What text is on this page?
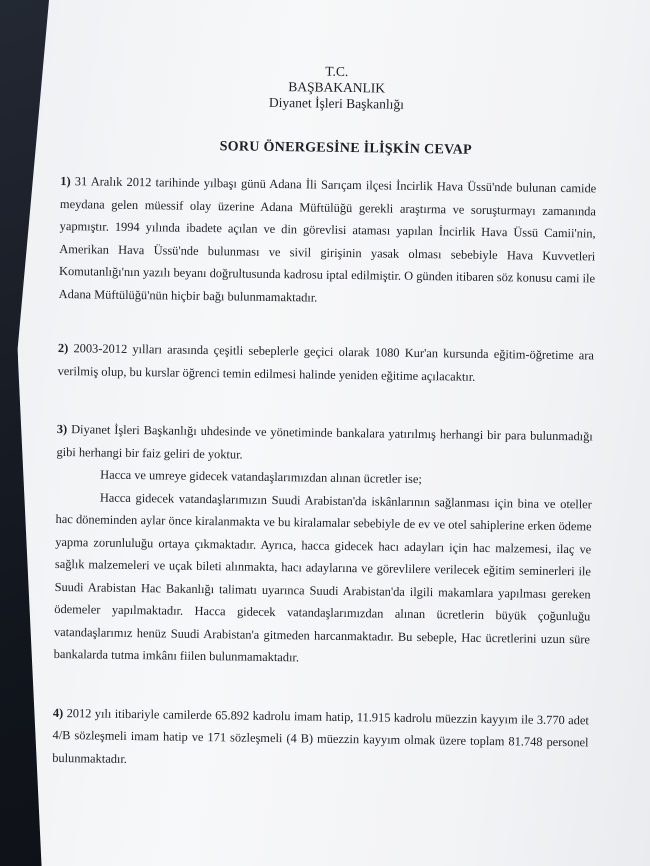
T.C.
BAŞBAKANLIK
Diyanet İşleri Başkanlığı
SORU ÖNERGESİNE İLİŞKİN CEVAP

1) 31 Aralık 2012 tarihinde yılbaşı günü Adana İli Sarıçam ilçesi İncirlik Hava Üssü'nde bulunan camide meydana gelen müessif olay üzerine Adana Müftülüğü gerekli araştırma ve soruşturmayı zamanında yapmıştır. 1994 yılında ibadete açılan ve din görevlisi ataması yapılan İncirlik Hava Üssü Camii'nin, Amerikan Hava Üssü'nde bulunması ve sivil girişinin yasak olması sebebiyle Hava Kuvvetleri Komutanlığı'nın yazılı beyanı doğrultusunda kadrosu iptal edilmiştir. O günden itibaren söz konusu cami ile Adana Müftülüğü'nün hiçbir bağı bulunmamaktadır.

2) 2003-2012 yılları arasında çeşitli sebeplerle geçici olarak 1080 Kur'an kursunda eğitim-öğretime ara verilmiş olup, bu kurslar öğrenci temin edilmesi halinde yeniden eğitime açılacaktır.

3) Diyanet İşleri Başkanlığı uhdesinde ve yönetiminde bankalara yatırılmış herhangi bir para bulunmadığı gibi herhangi bir faiz geliri de yoktur.

Hacca ve umreye gidecek vatandaşlarımızdan alınan ücretler ise;

Hacca gidecek vatandaşlarımızın Suudi Arabistan'da iskânlarının sağlanması için bina ve oteller hac döneminden aylar önce kiralanmakta ve bu kiralamalar sebebiyle de ev ve otel sahiplerine erken ödeme yapma zorunluluğu ortaya çıkmaktadır. Ayrıca, hacca gidecek hacı adayları için hac malzemesi, ilaç ve sağlık malzemeleri ve uçak bileti alınmakta, hacı adaylarına ve görevlilere verilecek eğitim seminerleri ile Suudi Arabistan Hac Bakanlığı talimatı uyarınca Suudi Arabistan'da ilgili makamlara yapılması gereken ödemeler yapılmaktadır. Hacca gidecek vatandaşlarımızdan alınan ücretlerin büyük çoğunluğu vatandaşlarımız henüz Suudi Arabistan'a gitmeden harcanmaktadır. Bu sebeple, Hac ücretlerini uzun süre bankalarda tutma imkânı fiilen bulunmamaktadır.

4) 2012 yılı itibariyle camilerde 65.892 kadrolu imam hatip, 11.915 kadrolu müezzin kayyım ile 3.770 adet 4/B sözleşmeli imam hatip ve 171 sözleşmeli (4 B) müezzin kayyım olmak üzere toplam 81.748 personel bulunmaktadır.
